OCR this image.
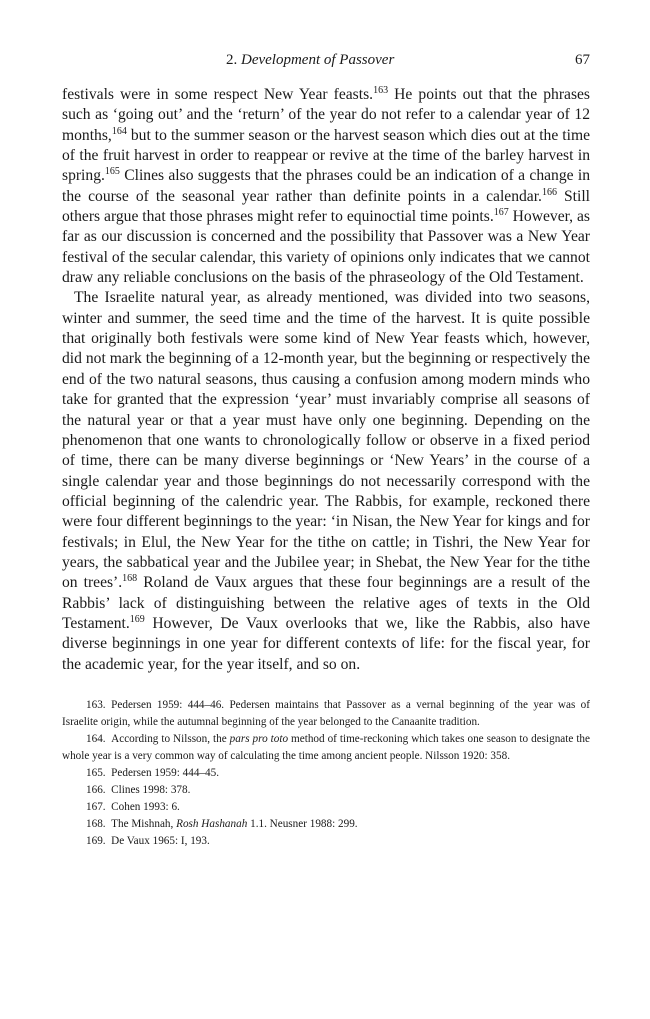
2. Development of Passover	67

festivals were in some respect New Year feasts.$^{163}$ He points out that the phrases such as ‘going out’ and the ‘return’ of the year do not refer to a calendar year of 12 months,$^{164}$ but to the summer season or the harvest season which dies out at the time of the fruit harvest in order to reappear or revive at the time of the barley harvest in spring.$^{165}$ Clines also suggests that the phrases could be an indication of a change in the course of the seasonal year rather than definite points in a calendar.$^{166}$ Still others argue that those phrases might refer to equinoctial time points.$^{167}$ However, as far as our discussion is concerned and the possibility that Passover was a New Year festival of the secular calendar, this variety of opinions only indicates that we cannot draw any reliable conclusions on the basis of the phraseology of the Old Testament.

The Israelite natural year, as already mentioned, was divided into two seasons, winter and summer, the seed time and the time of the harvest. It is quite possible that originally both festivals were some kind of New Year feasts which, however, did not mark the beginning of a 12-month year, but the beginning or respectively the end of the two natural seasons, thus causing a confusion among modern minds who take for granted that the expression ‘year’ must invariably comprise all seasons of the natural year or that a year must have only one beginning. Depending on the phenomenon that one wants to chronologically follow or observe in a fixed period of time, there can be many diverse beginnings or ‘New Years’ in the course of a single calendar year and those beginnings do not necessarily correspond with the official beginning of the calendric year. The Rabbis, for example, reckoned there were four different beginnings to the year: ‘in Nisan, the New Year for kings and for festivals; in Elul, the New Year for the tithe on cattle; in Tishri, the New Year for years, the sabbatical year and the Jubilee year; in Shebat, the New Year for the tithe on trees’.$^{168}$ Roland de Vaux argues that these four beginnings are a result of the Rabbis’ lack of distinguishing between the relative ages of texts in the Old Testament.$^{169}$ However, De Vaux overlooks that we, like the Rabbis, also have diverse beginnings in one year for different contexts of life: for the fiscal year, for the academic year, for the year itself, and so on.

163.  Pedersen 1959: 444–46. Pedersen maintains that Passover as a vernal beginning of the year was of Israelite origin, while the autumnal beginning of the year belonged to the Canaanite tradition.
164.  According to Nilsson, the pars pro toto method of time-reckoning which takes one season to designate the whole year is a very common way of calculating the time among ancient people. Nilsson 1920: 358.
165.  Pedersen 1959: 444–45.
166.  Clines 1998: 378.
167.  Cohen 1993: 6.
168.  The Mishnah, Rosh Hashanah 1.1. Neusner 1988: 299.
169.  De Vaux 1965: I, 193.
